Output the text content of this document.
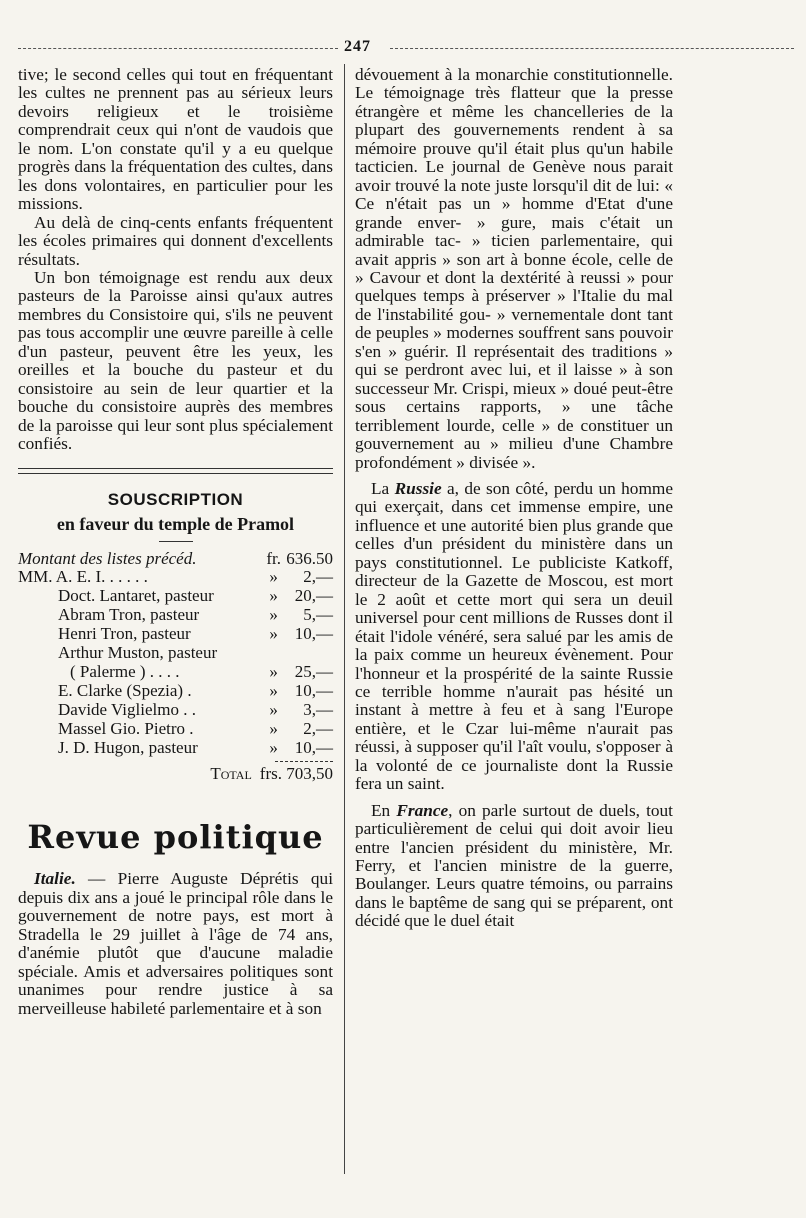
247

tive; le second celles qui tout en fréquentant les cultes ne prennent pas au sérieux leurs devoirs religieux et le troisième comprendrait ceux qui n'ont de vaudois que le nom. L'on constate qu'il y a eu quelque progrès dans la fréquentation des cultes, dans les dons volontaires, en particulier pour les missions.

Au delà de cinq-cents enfants fréquentent les écoles primaires qui donnent d'excellents résultats.

Un bon témoignage est rendu aux deux pasteurs de la Paroisse ainsi qu'aux autres membres du Consistoire qui, s'ils ne peuvent pas tous accomplir une œuvre pareille à celle d'un pasteur, peuvent être les yeux, les oreilles et la bouche du pasteur et du consistoire au sein de leur quartier et la bouche du consistoire auprès des membres de la paroisse qui leur sont plus spécialement confiés.

SOUSCRIPTION
en faveur du temple de Pramol
Montant des listes précéd.	fr.	636.50
MM. A. E. I. . . . . .	»	2,—
Doct. Lantaret, pasteur	»	20,—
Abram Tron, pasteur	»	5,—
Henri Tron, pasteur	»	10,—
Arthur Muston, pasteur		
( Palerme ) . . . .	»	25,—
E. Clarke (Spezia) .	»	10,—
Davide Viglielmo . .	»	3,—
Massel Gio. Pietro .	»	2,—
J. D. Hugon, pasteur	»	10,—
Total frs. 703,50
Revue politique

Italie. — Pierre Auguste Déprétis qui depuis dix ans a joué le principal rôle dans le gouvernement de notre pays, est mort à Stradella le 29 juillet à l'âge de 74 ans, d'anémie plutôt que d'aucune maladie spéciale. Amis et adversaires politiques sont unanimes pour rendre justice à sa merveilleuse habileté parlementaire et à son

dévouement à la monarchie constitutionnelle. Le témoignage très flatteur que la presse étrangère et même les chancelleries de la plupart des gouvernements rendent à sa mémoire prouve qu'il était plus qu'un habile tacticien. Le journal de Genève nous parait avoir trouvé la note juste lorsqu'il dit de lui: « Ce n'était pas un » homme d'Etat d'une grande enver- » gure, mais c'était un admirable tac- » ticien parlementaire, qui avait appris » son art à bonne école, celle de » Cavour et dont la dextérité à reussi » pour quelques temps à préserver » l'Italie du mal de l'instabilité gou- » vernementale dont tant de peuples » modernes souffrent sans pouvoir s'en » guérir. Il représentait des traditions » qui se perdront avec lui, et il laisse » à son successeur Mr. Crispi, mieux » doué peut-être sous certains rapports, » une tâche terriblement lourde, celle » de constituer un gouvernement au » milieu d'une Chambre profondément » divisée ».

La Russie a, de son côté, perdu un homme qui exerçait, dans cet immense empire, une influence et une autorité bien plus grande que celles d'un président du ministère dans un pays constitutionnel. Le publiciste Katkoff, directeur de la Gazette de Moscou, est mort le 2 août et cette mort qui sera un deuil universel pour cent millions de Russes dont il était l'idole vénéré, sera salué par les amis de la paix comme un heureux évènement. Pour l'honneur et la prospérité de la sainte Russie ce terrible homme n'aurait pas hésité un instant à mettre à feu et à sang l'Europe entière, et le Czar lui-même n'aurait pas réussi, à supposer qu'il l'aît voulu, s'opposer à la volonté de ce journaliste dont la Russie fera un saint.

En France, on parle surtout de duels, tout particulièrement de celui qui doit avoir lieu entre l'ancien président du ministère, Mr. Ferry, et l'ancien ministre de la guerre, Boulanger. Leurs quatre témoins, ou parrains dans le baptême de sang qui se préparent, ont décidé que le duel était
